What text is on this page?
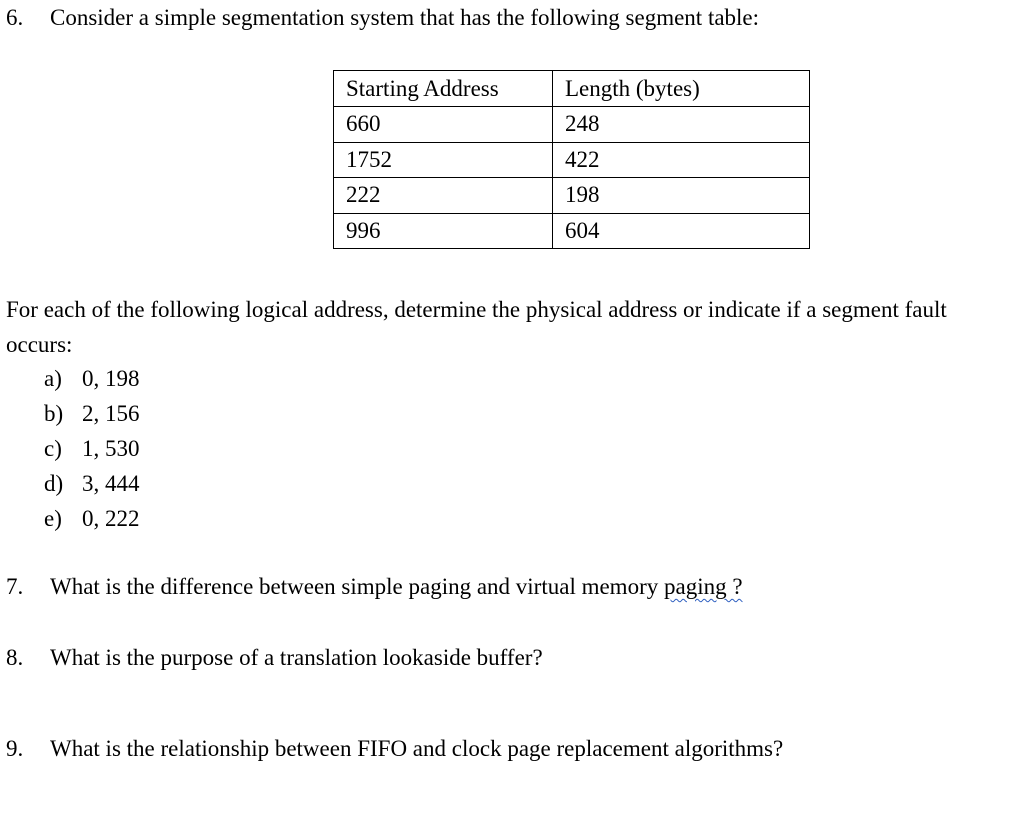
6. Consider a simple segmentation system that has the following segment table:
Starting Address	Length (bytes)
660	248
1752	422
222	198
996	604
For each of the following logical address, determine the physical address or indicate if a segment fault occurs:
a) 0, 198
b) 2, 156
c) 1, 530
d) 3, 444
e) 0, 222
7. What is the difference between simple paging and virtual memory paging ?
8. What is the purpose of a translation lookaside buffer?
9. What is the relationship between FIFO and clock page replacement algorithms?
